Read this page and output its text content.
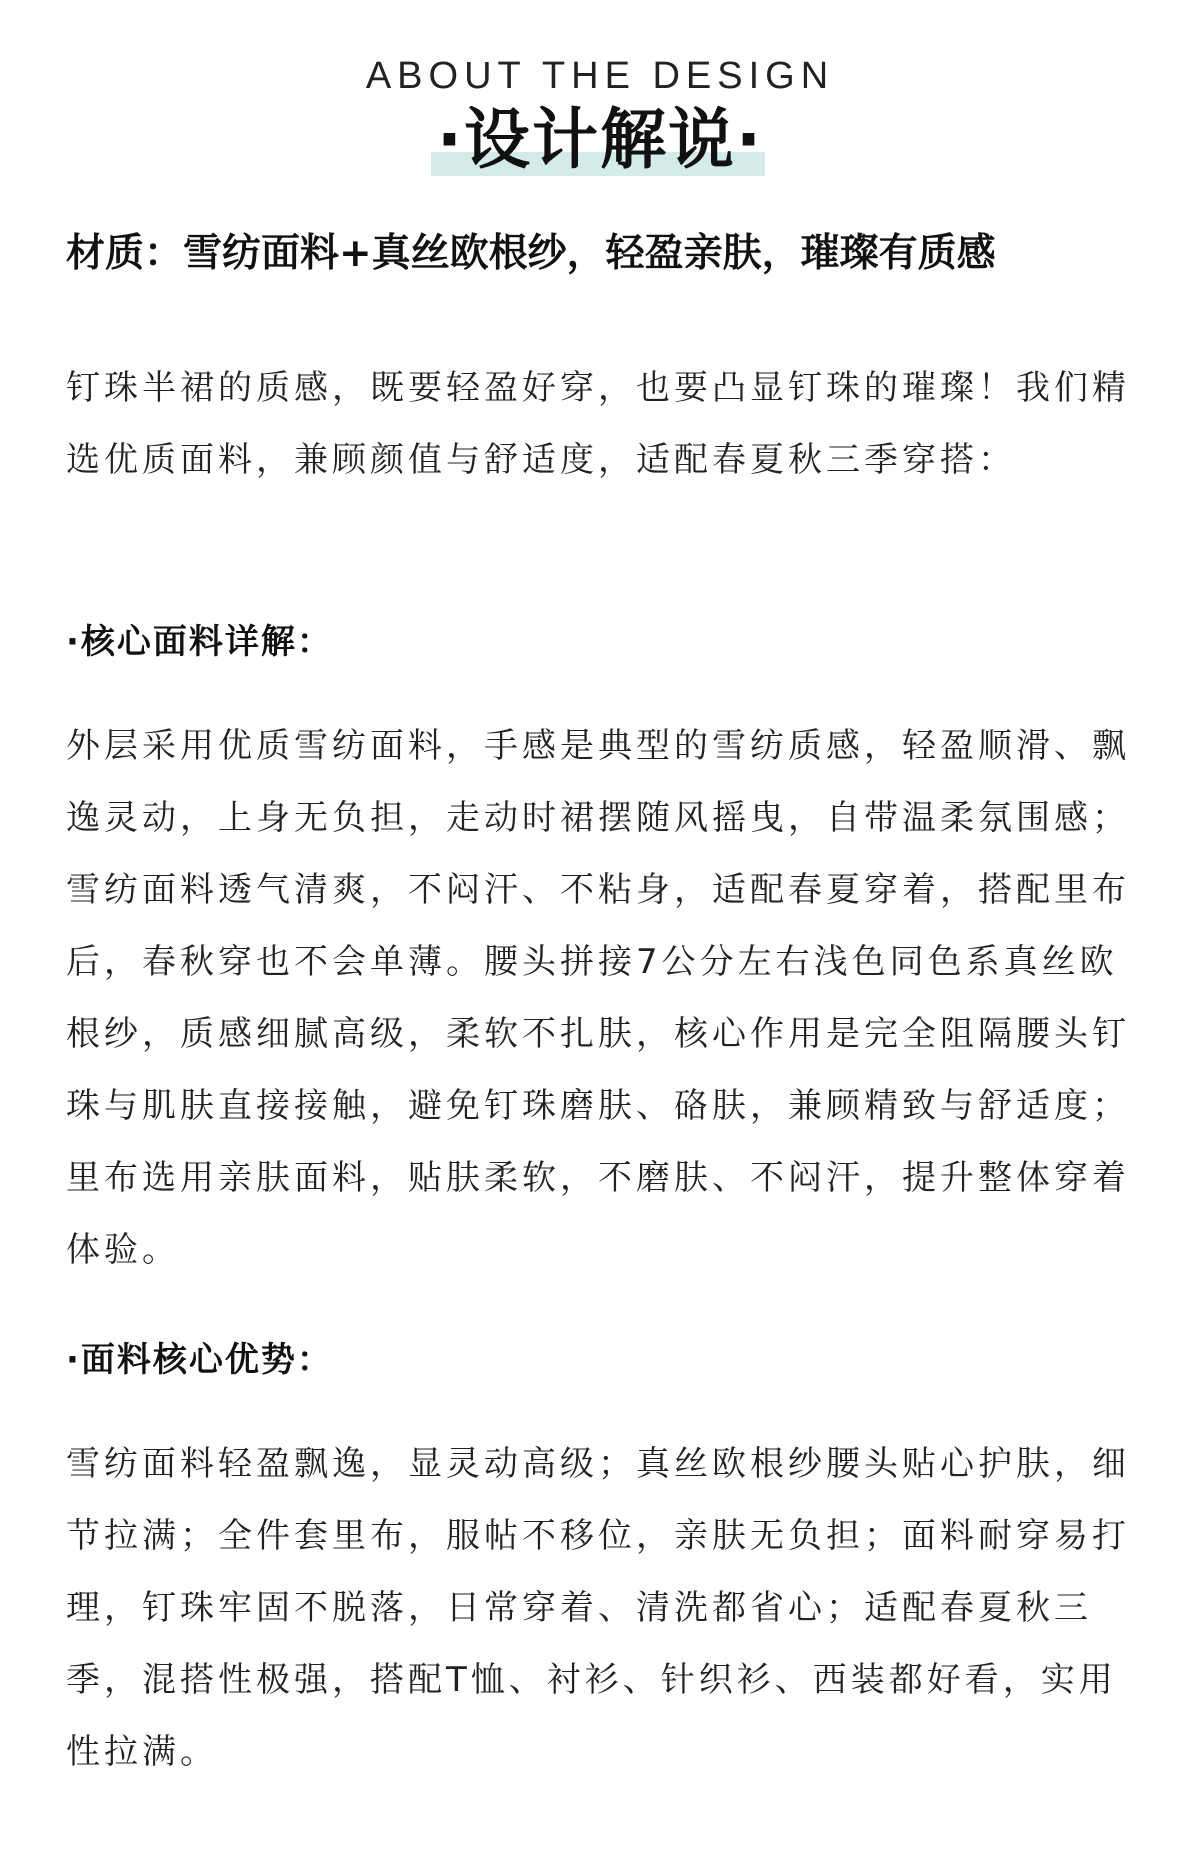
ABOUT THE DESIGN
·设计解说·
材质：雪纺面料+真丝欧根纱，轻盈亲肤，璀璨有质感

钉珠半裙的质感，既要轻盈好穿，也要凸显钉珠的璀璨！我们精选优质面料，兼顾颜值与舒适度，适配春夏秋三季穿搭：

·核心面料详解：

外层采用优质雪纺面料，手感是典型的雪纺质感，轻盈顺滑、飘逸灵动，上身无负担，走动时裙摆随风摇曳，自带温柔氛围感；雪纺面料透气清爽，不闷汗、不粘身，适配春夏穿着，搭配里布后，春秋穿也不会单薄。腰头拼接7公分左右浅色同色系真丝欧根纱，质感细腻高级，柔软不扎肤，核心作用是完全阻隔腰头钉珠与肌肤直接接触，避免钉珠磨肤、硌肤，兼顾精致与舒适度；里布选用亲肤面料，贴肤柔软，不磨肤、不闷汗，提升整体穿着体验。

·面料核心优势：

雪纺面料轻盈飘逸，显灵动高级；真丝欧根纱腰头贴心护肤，细节拉满；全件套里布，服帖不移位，亲肤无负担；面料耐穿易打理，钉珠牢固不脱落，日常穿着、清洗都省心；适配春夏秋三季，混搭性极强，搭配T恤、衬衫、针织衫、西装都好看，实用性拉满。
